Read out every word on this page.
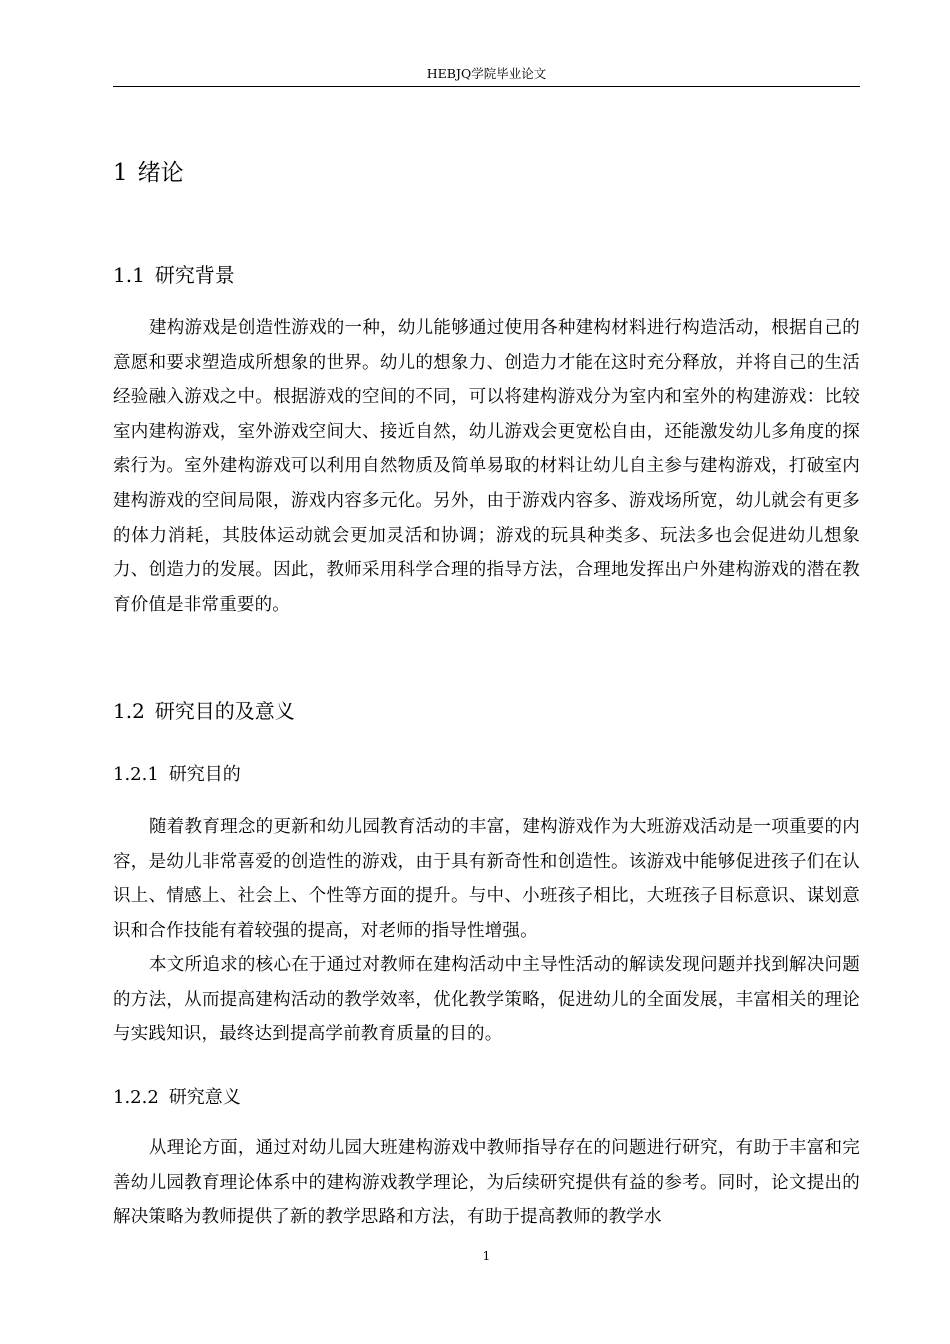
HEBJQ学院毕业论文
1 绪论
1.1 研究背景

建构游戏是创造性游戏的一种，幼儿能够通过使用各种建构材料进行构造活动，根据自己的意愿和要求塑造成所想象的世界。幼儿的想象力、创造力才能在这时充分释放，并将自己的生活经验融入游戏之中。根据游戏的空间的不同，可以将建构游戏分为室内和室外的构建游戏：比较室内建构游戏，室外游戏空间大、接近自然，幼儿游戏会更宽松自由，还能激发幼儿多角度的探索行为。室外建构游戏可以利用自然物质及简单易取的材料让幼儿自主参与建构游戏，打破室内建构游戏的空间局限，游戏内容多元化。另外，由于游戏内容多、游戏场所宽，幼儿就会有更多的体力消耗，其肢体运动就会更加灵活和协调；游戏的玩具种类多、玩法多也会促进幼儿想象力、创造力的发展。因此，教师采用科学合理的指导方法，合理地发挥出户外建构游戏的潜在教育价值是非常重要的。

1.2 研究目的及意义
1.2.1 研究目的

随着教育理念的更新和幼儿园教育活动的丰富，建构游戏作为大班游戏活动是一项重要的内容，是幼儿非常喜爱的创造性的游戏，由于具有新奇性和创造性。该游戏中能够促进孩子们在认识上、情感上、社会上、个性等方面的提升。与中、小班孩子相比，大班孩子目标意识、谋划意识和合作技能有着较强的提高，对老师的指导性增强。

本文所追求的核心在于通过对教师在建构活动中主导性活动的解读发现问题并找到解决问题的方法，从而提高建构活动的教学效率，优化教学策略，促进幼儿的全面发展，丰富相关的理论与实践知识，最终达到提高学前教育质量的目的。

1.2.2 研究意义

从理论方面，通过对幼儿园大班建构游戏中教师指导存在的问题进行研究，有助于丰富和完善幼儿园教育理论体系中的建构游戏教学理论，为后续研究提供有益的参考。同时，论文提出的解决策略为教师提供了新的教学思路和方法，有助于提高教师的教学水

1
